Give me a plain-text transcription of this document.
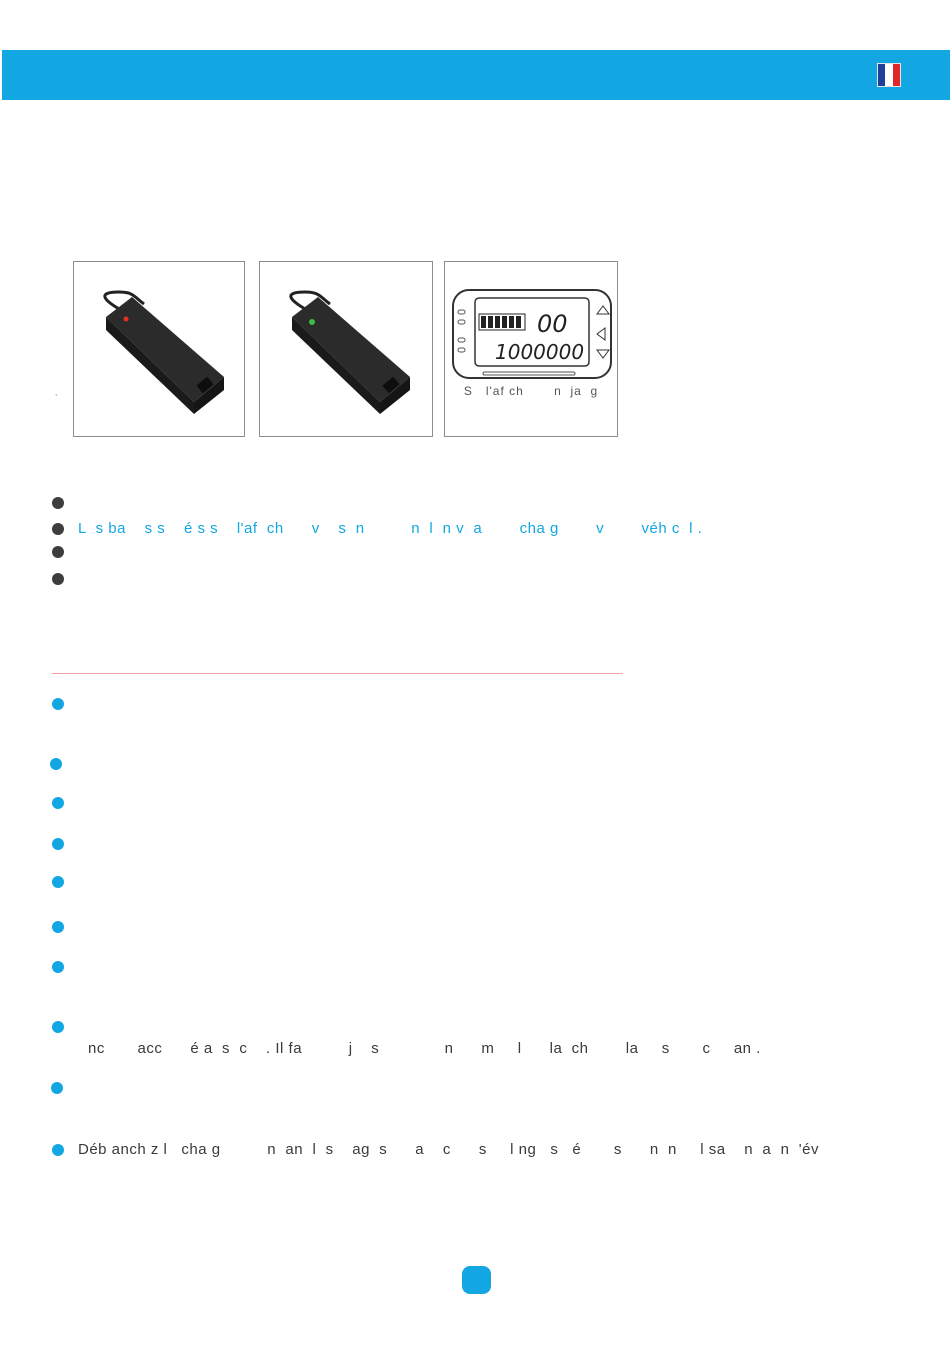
,
00
1000000
S   l'af ch       n  ja  g
L  s ba    s s    é s s    l'af  ch      v    s  n          n  l  n v  a        cha g        v        véh c  l .
nc       acc      é a  s  c    . Il fa          j    s              n      m     l      la  ch        la     s       c     an .
Déb anch z l   cha g          n  an  l  s    ag  s      a    c      s     l ng   s   é       s      n  n     l sa    n  a  n  'év
